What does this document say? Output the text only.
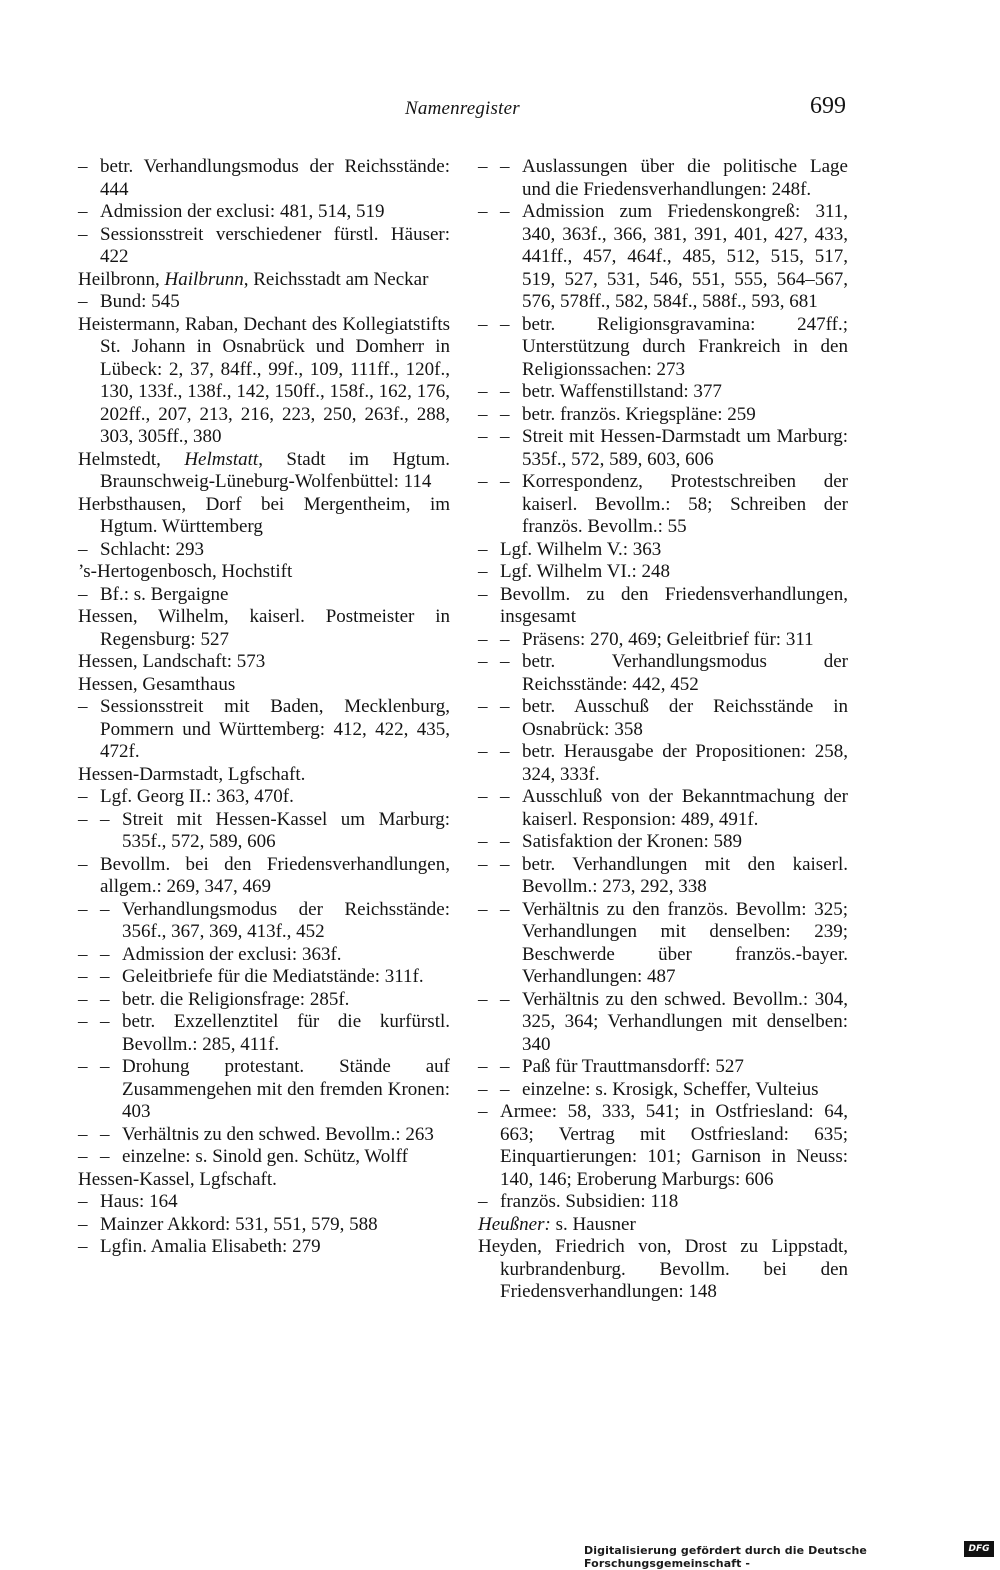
Namenregister	699
– betr. Verhandlungsmodus der Reichsstände: 444
– Admission der exclusi: 481, 514, 519
– Sessionsstreit verschiedener fürstl. Häuser: 422
Heilbronn, Hailbrunn, Reichsstadt am Neckar
– Bund: 545
Heistermann, Raban, Dechant des Kollegiatstifts St. Johann in Osnabrück und Domherr in Lübeck: 2, 37, 84ff., 99f., 109, 111ff., 120f., 130, 133f., 138f., 142, 150ff., 158f., 162, 176, 202ff., 207, 213, 216, 223, 250, 263f., 288, 303, 305ff., 380
Helmstedt, Helmstatt, Stadt im Hgtum. Braunschweig-Lüneburg-Wolfenbüttel: 114
Herbsthausen, Dorf bei Mergentheim, im Hgtum. Württemberg
– Schlacht: 293
’s-Hertogenbosch, Hochstift
– Bf.: s. Bergaigne
Hessen, Wilhelm, kaiserl. Postmeister in Regensburg: 527
Hessen, Landschaft: 573
Hessen, Gesamthaus
– Sessionsstreit mit Baden, Mecklenburg, Pommern und Württemberg: 412, 422, 435, 472f.
Hessen-Darmstadt, Lgfschaft.
– Lgf. Georg II.: 363, 470f.
– – Streit mit Hessen-Kassel um Marburg: 535f., 572, 589, 606
– Bevollm. bei den Friedensverhandlungen, allgem.: 269, 347, 469
– – Verhandlungsmodus der Reichsstände: 356f., 367, 369, 413f., 452
– – Admission der exclusi: 363f.
– – Geleitbriefe für die Mediatstände: 311f.
– – betr. die Religionsfrage: 285f.
– – betr. Exzellenztitel für die kurfürstl. Bevollm.: 285, 411f.
– – Drohung protestant. Stände auf Zusammengehen mit den fremden Kronen: 403
– – Verhältnis zu den schwed. Bevollm.: 263
– – einzelne: s. Sinold gen. Schütz, Wolff
Hessen-Kassel, Lgfschaft.
– Haus: 164
– Mainzer Akkord: 531, 551, 579, 588
– Lgfin. Amalia Elisabeth: 279
– – Auslassungen über die politische Lage und die Friedensverhandlungen: 248f.
– – Admission zum Friedenskongreß: 311, 340, 363f., 366, 381, 391, 401, 427, 433, 441ff., 457, 464f., 485, 512, 515, 517, 519, 527, 531, 546, 551, 555, 564–567, 576, 578ff., 582, 584f., 588f., 593, 681
– – betr. Religionsgravamina: 247ff.; Unterstützung durch Frankreich in den Religionssachen: 273
– – betr. Waffenstillstand: 377
– – betr. französ. Kriegspläne: 259
– – Streit mit Hessen-Darmstadt um Marburg: 535f., 572, 589, 603, 606
– – Korrespondenz, Protestschreiben der kaiserl. Bevollm.: 58; Schreiben der französ. Bevollm.: 55
– Lgf. Wilhelm V.: 363
– Lgf. Wilhelm VI.: 248
– Bevollm. zu den Friedensverhandlungen, insgesamt
– – Präsens: 270, 469; Geleitbrief für: 311
– – betr. Verhandlungsmodus der Reichsstände: 442, 452
– – betr. Ausschuß der Reichsstände in Osnabrück: 358
– – betr. Herausgabe der Propositionen: 258, 324, 333f.
– – Ausschluß von der Bekanntmachung der kaiserl. Responsion: 489, 491f.
– – Satisfaktion der Kronen: 589
– – betr. Verhandlungen mit den kaiserl. Bevollm.: 273, 292, 338
– – Verhältnis zu den französ. Bevollm: 325; Verhandlungen mit denselben: 239; Beschwerde über französ.-bayer. Verhandlungen: 487
– – Verhältnis zu den schwed. Bevollm.: 304, 325, 364; Verhandlungen mit denselben: 340
– – Paß für Trauttmansdorff: 527
– – einzelne: s. Krosigk, Scheffer, Vulteius
– Armee: 58, 333, 541; in Ostfriesland: 64, 663; Vertrag mit Ostfriesland: 635; Einquartierungen: 101; Garnison in Neuss: 140, 146; Eroberung Marburgs: 606
– französ. Subsidien: 118
Heußner: s. Hausner
Heyden, Friedrich von, Drost zu Lippstadt, kurbrandenburg. Bevollm. bei den Friedensverhandlungen: 148
Digitalisierung gefördert durch die Deutsche Forschungsgemeinschaft -
DFG
